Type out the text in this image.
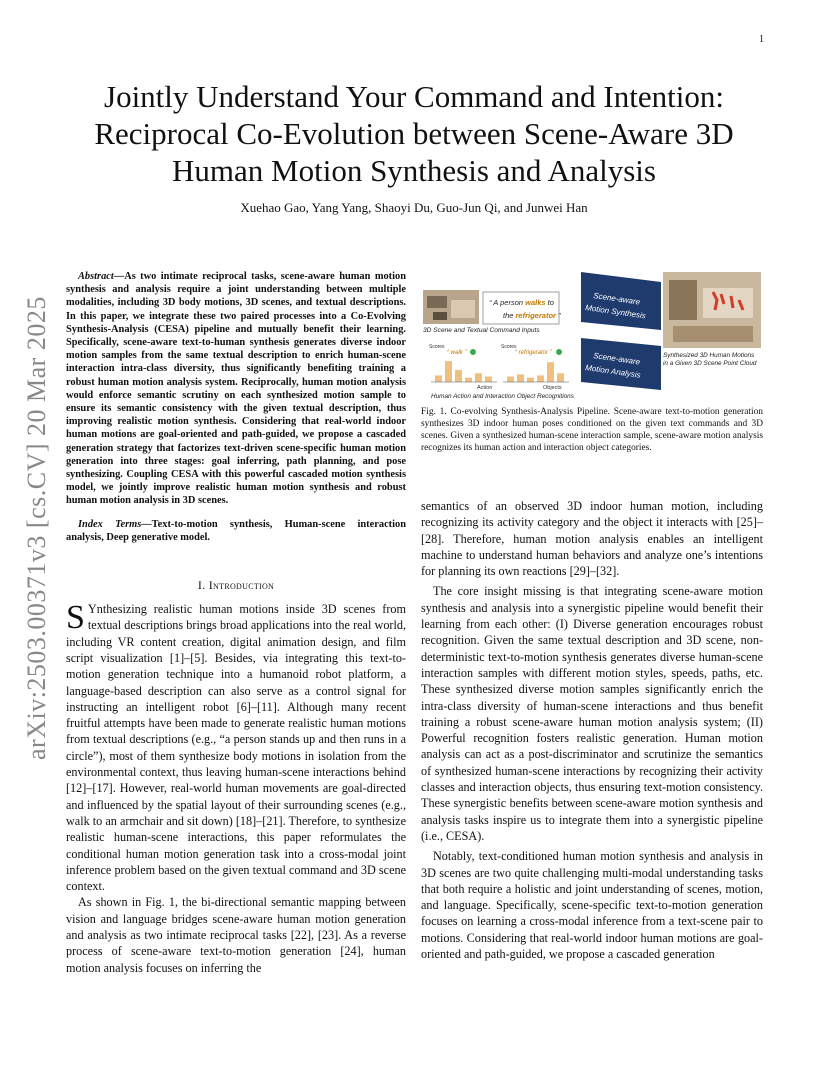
1
arXiv:2503.00371v3 [cs.CV] 20 Mar 2025
Jointly Understand Your Command and Intention:
Reciprocal Co-Evolution between Scene-Aware 3D
Human Motion Synthesis and Analysis
Xuehao Gao, Yang Yang, Shaoyi Du, Guo-Jun Qi, and Junwei Han

Abstract—As two intimate reciprocal tasks, scene-aware human motion synthesis and analysis require a joint understanding between multiple modalities, including 3D body motions, 3D scenes, and textual descriptions. In this paper, we integrate these two paired processes into a Co-Evolving Synthesis-Analysis (CESA) pipeline and mutually benefit their learning. Specifically, scene-aware text-to-human synthesis generates diverse indoor motion samples from the same textual description to enrich human-scene interaction intra-class diversity, thus significantly benefiting training a robust human motion analysis system. Reciprocally, human motion analysis would enforce semantic scrutiny on each synthesized motion sample to ensure its semantic consistency with the given textual description, thus improving realistic motion synthesis. Considering that real-world indoor human motions are goal-oriented and path-guided, we propose a cascaded generation strategy that factorizes text-driven scene-specific human motion generation into three stages: goal inferring, path planning, and pose synthesizing. Coupling CESA with this powerful cascaded motion synthesis model, we jointly improve realistic human motion synthesis and robust human motion analysis in 3D scenes.

Index Terms—Text-to-motion synthesis, Human-scene interaction analysis, Deep generative model.

I. Introduction

S Ynthesizing realistic human motions inside 3D scenes from textual descriptions brings broad applications into the real world, including VR content creation, digital animation design, and film script visualization [1]–[5]. Besides, via integrating this text-to-motion generation technique into a humanoid robot platform, a language-based description can also serve as a control signal for instructing an intelligent robot [6]–[11]. Although many recent fruitful attempts have been made to generate realistic human motions from textual descriptions (e.g., “a person stands up and then runs in a circle”), most of them synthesize body motions in isolation from the environmental context, thus leaving human-scene interactions behind [12]–[17]. However, real-world human movements are goal-directed and influenced by the spatial layout of their surrounding scenes (e.g., walk to an armchair and sit down) [18]–[21]. Therefore, to synthesize realistic human-scene interactions, this paper reformulates the conditional human motion generation task into a cross-modal joint inference problem based on the given textual command and 3D scene context.

As shown in Fig. 1, the bi-directional semantic mapping between vision and language bridges scene-aware human motion generation and analysis as two intimate reciprocal tasks [22], [23]. As a reverse process of scene-aware text-to-motion generation [24], human motion analysis focuses on inferring the

“ A person walks to
the refrigerator ”
3D Scene and Textual Command Inputs
Scene-aware
Motion Synthesis
Synthesized 3D Human Motions
in a Given 3D Scene Point Cloud
Scene-aware
Motion Analysis
Scores
“ walk ”
Action
Scores
“ refrigerator ”
Objects
Human Action and Interaction Object Recognitions

Fig. 1. Co-evolving Synthesis-Analysis Pipeline. Scene-aware text-to-motion generation synthesizes 3D indoor human poses conditioned on the given text commands and 3D scenes. Given a synthesized human-scene interaction sample, scene-aware motion analysis recognizes its human action and interaction object categories.

semantics of an observed 3D indoor human motion, including recognizing its activity category and the object it interacts with [25]–[28]. Therefore, human motion analysis enables an intelligent machine to understand human behaviors and analyze one’s intentions for planning its own reactions [29]–[32].

The core insight missing is that integrating scene-aware motion synthesis and analysis into a synergistic pipeline would benefit their learning from each other: (I) Diverse generation encourages robust recognition. Given the same textual description and 3D scene, non-deterministic text-to-motion synthesis generates diverse human-scene interaction samples with different motion styles, speeds, paths, etc. These synthesized diverse motion samples significantly enrich the intra-class diversity of human-scene interactions and thus benefit training a robust scene-aware human motion analysis system; (II) Powerful recognition fosters realistic generation. Human motion analysis can act as a post-discriminator and scrutinize the semantics of synthesized human-scene interactions by recognizing their activity classes and interaction objects, thus ensuring text-motion consistency. These synergistic benefits between scene-aware motion synthesis and analysis tasks inspire us to integrate them into a synergistic pipeline (i.e., CESA).

Notably, text-conditioned human motion synthesis and analysis in 3D scenes are two quite challenging multi-modal understanding tasks that both require a holistic and joint understanding of scenes, motion, and language. Specifically, scene-specific text-to-motion generation focuses on learning a cross-modal inference from a text-scene pair to motions. Considering that real-world indoor human motions are goal-oriented and path-guided, we propose a cascaded generation
